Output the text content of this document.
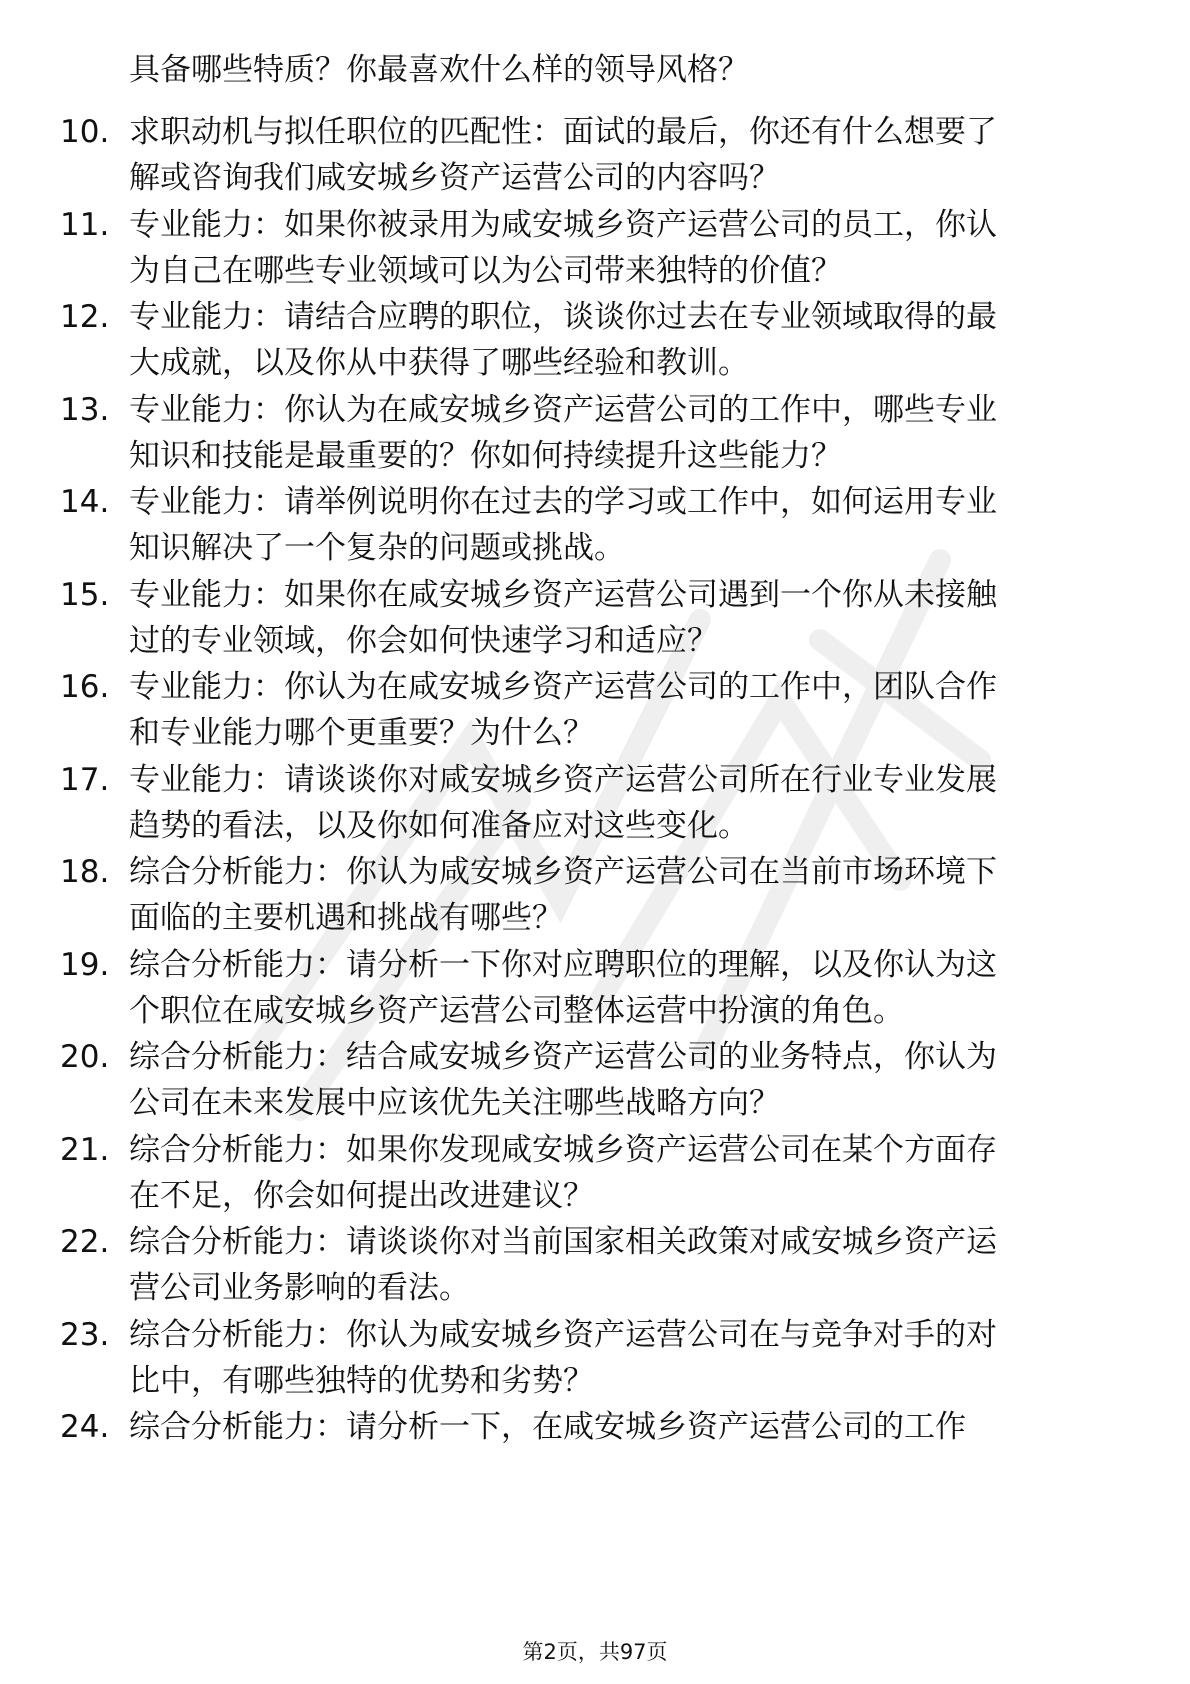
具备哪些特质？你最喜欢什么样的领导风格？
10. 求职动机与拟任职位的匹配性：面试的最后，你还有什么想要了
解或咨询我们咸安城乡资产运营公司的内容吗？
11. 专业能力：如果你被录用为咸安城乡资产运营公司的员工，你认
为自己在哪些专业领域可以为公司带来独特的价值？
12. 专业能力：请结合应聘的职位，谈谈你过去在专业领域取得的最
大成就，以及你从中获得了哪些经验和教训。
13. 专业能力：你认为在咸安城乡资产运营公司的工作中，哪些专业
知识和技能是最重要的？你如何持续提升这些能力？
14. 专业能力：请举例说明你在过去的学习或工作中，如何运用专业
知识解决了一个复杂的问题或挑战。
15. 专业能力：如果你在咸安城乡资产运营公司遇到一个你从未接触
过的专业领域，你会如何快速学习和适应？
16. 专业能力：你认为在咸安城乡资产运营公司的工作中，团队合作
和专业能力哪个更重要？为什么？
17. 专业能力：请谈谈你对咸安城乡资产运营公司所在行业专业发展
趋势的看法，以及你如何准备应对这些变化。
18. 综合分析能力：你认为咸安城乡资产运营公司在当前市场环境下
面临的主要机遇和挑战有哪些？
19. 综合分析能力：请分析一下你对应聘职位的理解，以及你认为这
个职位在咸安城乡资产运营公司整体运营中扮演的角色。
20. 综合分析能力：结合咸安城乡资产运营公司的业务特点，你认为
公司在未来发展中应该优先关注哪些战略方向？
21. 综合分析能力：如果你发现咸安城乡资产运营公司在某个方面存
在不足，你会如何提出改进建议？
22. 综合分析能力：请谈谈你对当前国家相关政策对咸安城乡资产运
营公司业务影响的看法。
23. 综合分析能力：你认为咸安城乡资产运营公司在与竞争对手的对
比中，有哪些独特的优势和劣势？
24. 综合分析能力：请分析一下，在咸安城乡资产运营公司的工作
第2页，共97页
